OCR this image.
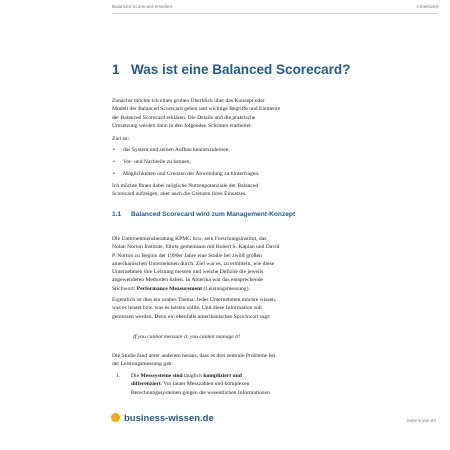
Balanced Scorecard erstellen	Arbeitszeit
1 Was ist eine Balanced Scorecard?
Zunächst möchte ich einen groben Überblick über das Konzept oder
Modell der Balanced Scorecard geben und wichtige Begriffe und Elemente
der Balanced Scorecard erklären. Die Details und die praktische
Umsetzung werden dann in den folgenden Schritten erarbeitet.
Ziel ist:
• das System und seinen Aufbau kennenzulernen,
• Vor- und Nachteile zu kennen,
• Möglichkeiten und Grenzen der Anwendung zu hinterfragen.
Ich möchte Ihnen dabei mögliche Nutzenpotenziale der Balanced
Scorecard aufzeigen, aber auch die Grenzen ihres Einsatzes.
1.1 Balanced Scorecard wird zum Management-Konzept
Die Unternehmensberatung KPMG bzw. sein Forschungsinstitut, das
Nolan Norton Institute, führte gemeinsam mit Robert S. Kaplan und David
P. Norton zu Beginn der 1990er Jahre eine Studie bei zwölf großen
amerikanischen Unternehmen durch. Ziel war es, zu ermitteln, wie diese
Unternehmen ihre Leistung messen und welche Defizite die jeweils
angewendeten Methoden haben. In Amerika war das entsprechende
Stichwort: Performance Measurement (Leistungsmessung).
Eigentlich ist dies ein uraltes Thema: Jedes Unternehmen möchte wissen,
was es leistet bzw. was es leisten sollte. Und diese Information soll
gemessen werden. Denn ein ebenfalls amerikanisches Sprichwort sagt:
If you cannot measure it, you cannot manage it!
Die Studie fand unter anderem heraus, dass es drei zentrale Probleme bei
der Leistungsmessung gab:
1. Die Messsysteme sind tauglich kompliziert und
differenziert. Vor lauter Messzahlen und komplexen
Berechnungssystemen gingen die wesentlichen Informationen
business-wissen.de	Seite 5 von 84
